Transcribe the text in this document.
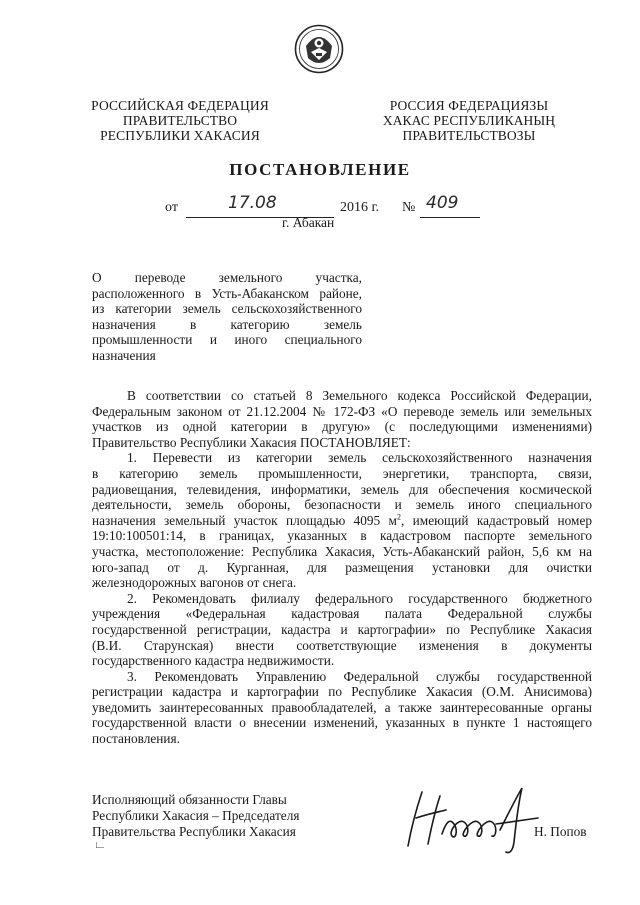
РОССИЙСКАЯ ФЕДЕРАЦИЯ
ПРАВИТЕЛЬСТВО
РЕСПУБЛИКИ ХАКАСИЯ
РОССИЯ ФЕДЕРАЦИЯЗЫ
ХАКАС РЕСПУБЛИКАНЫҢ
ПРАВИТЕЛЬСТВОЗЫ
ПОСТАНОВЛЕНИЕ
от	17.08	2016 г. № 409
г. Абакан
О переводе земельного участка,
расположенного в Усть-Абаканском районе,
из категории земель сельскохозяйственного
назначения в категорию земель
промышленности и иного специального
назначения
В соответствии со статьей 8 Земельного кодекса Российской Федерации,
Федеральным законом от 21.12.2004 № 172-ФЗ «О переводе земель или земельных
участков из одной категории в другую» (с последующими изменениями)
Правительство Республики Хакасия ПОСТАНОВЛЯЕТ:
1. Перевести из категории земель сельскохозяйственного назначения
в категорию земель промышленности, энергетики, транспорта, связи,
радиовещания, телевидения, информатики, земель для обеспечения космической
деятельности, земель обороны, безопасности и земель иного специального
назначения земельный участок площадью 4095 $м^2$, имеющий кадастровый номер
19:10:100501:14, в границах, указанных в кадастровом паспорте земельного
участка, местоположение: Республика Хакасия, Усть-Абаканский район, 5,6 км на
юго-запад от д. Курганная, для размещения установки для очистки
железнодорожных вагонов от снега.
2. Рекомендовать филиалу федерального государственного бюджетного
учреждения «Федеральная кадастровая палата Федеральной службы
государственной регистрации, кадастра и картографии» по Республике Хакасия
(В.И. Старунская) внести соответствующие изменения в документы
государственного кадастра недвижимости.
3. Рекомендовать Управлению Федеральной службы государственной
регистрации кадастра и картографии по Республике Хакасия (О.М. Анисимова)
уведомить заинтересованных правообладателей, а также заинтересованные органы
государственной власти о внесении изменений, указанных в пункте 1 настоящего
постановления.
Исполняющий обязанности Главы
Республики Хакасия – Председателя
Правительства Республики Хакасия	Н. Попов
